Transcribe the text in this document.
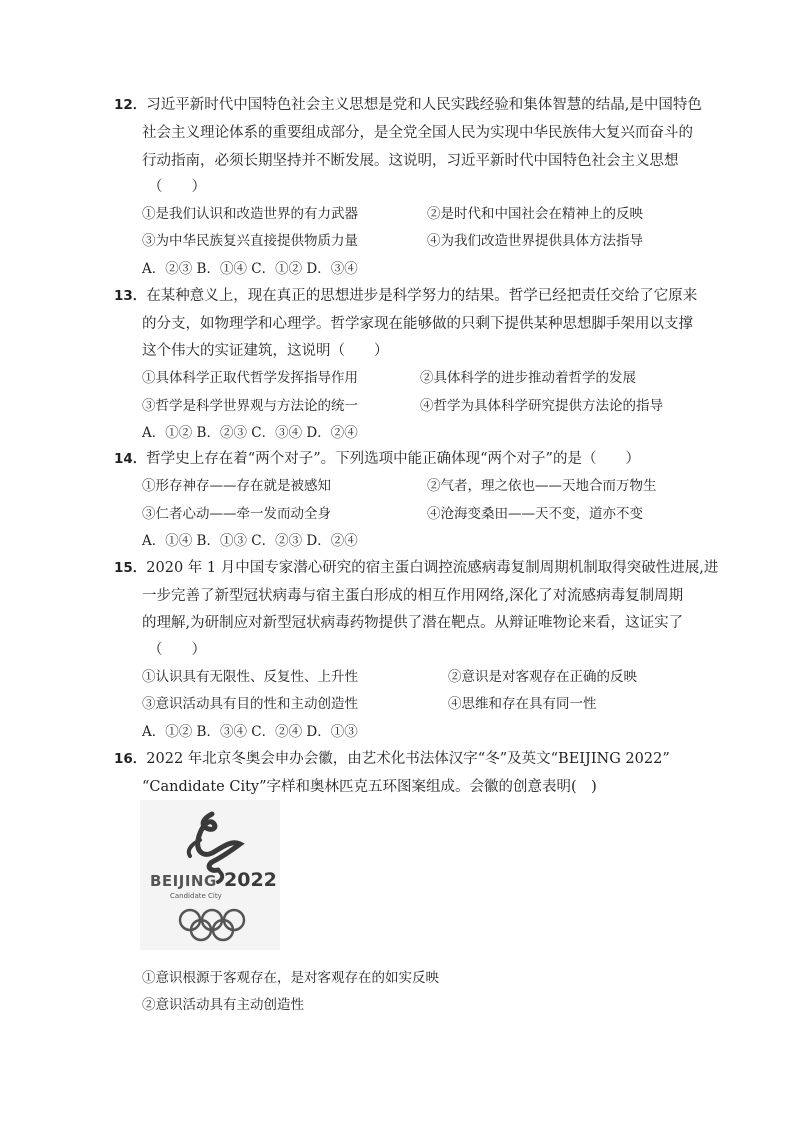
12．习近平新时代中国特色社会主义思想是党和人民实践经验和集体智慧的结晶,是中国特色
社会主义理论体系的重要组成部分，是全党全国人民为实现中华民族伟大复兴而奋斗的
行动指南，必须长期坚持并不断发展。这说明，习近平新时代中国特色社会主义思想
（　　）
①是我们认识和改造世界的有力武器	②是时代和中国社会在精神上的反映
③为中华民族复兴直接提供物质力量	④为我们改造世界提供具体方法指导
A．②③ B．①④ C．①② D．③④
13．在某种意义上，现在真正的思想进步是科学努力的结果。哲学已经把责任交给了它原来
的分支，如物理学和心理学。哲学家现在能够做的只剩下提供某种思想脚手架用以支撑
这个伟大的实证建筑，这说明（　　）
①具体科学正取代哲学发挥指导作用	②具体科学的进步推动着哲学的发展
③哲学是科学世界观与方法论的统一	④哲学为具体科学研究提供方法论的指导
A．①② B．②③ C．③④ D．②④
14．哲学史上存在着“两个对子”。下列选项中能正确体现“两个对子”的是（　　）
①形存神存——存在就是被感知	②气者，理之依也——天地合而万物生
③仁者心动——牵一发而动全身	④沧海变桑田——天不变，道亦不变
A．①④ B．①③ C．②③ D．②④
15．2020 年 1 月中国专家潜心研究的宿主蛋白调控流感病毒复制周期机制取得突破性进展,进
一步完善了新型冠状病毒与宿主蛋白形成的相互作用网络,深化了对流感病毒复制周期
的理解,为研制应对新型冠状病毒药物提供了潜在靶点。从辩证唯物论来看，这证实了
（　　）
①认识具有无限性、反复性、上升性	②意识是对客观存在正确的反映
③意识活动具有目的性和主动创造性	④思维和存在具有同一性
A．①② B．③④ C．②④ D．①③
16．2022 年北京冬奥会申办会徽，由艺术化书法体汉字“冬”及英文“BEIJING 2022”
“Candidate City”字样和奥林匹克五环图案组成。会徽的创意表明(　)
BEIJING 2022
Candidate City
①意识根源于客观存在，是对客观存在的如实反映
②意识活动具有主动创造性
